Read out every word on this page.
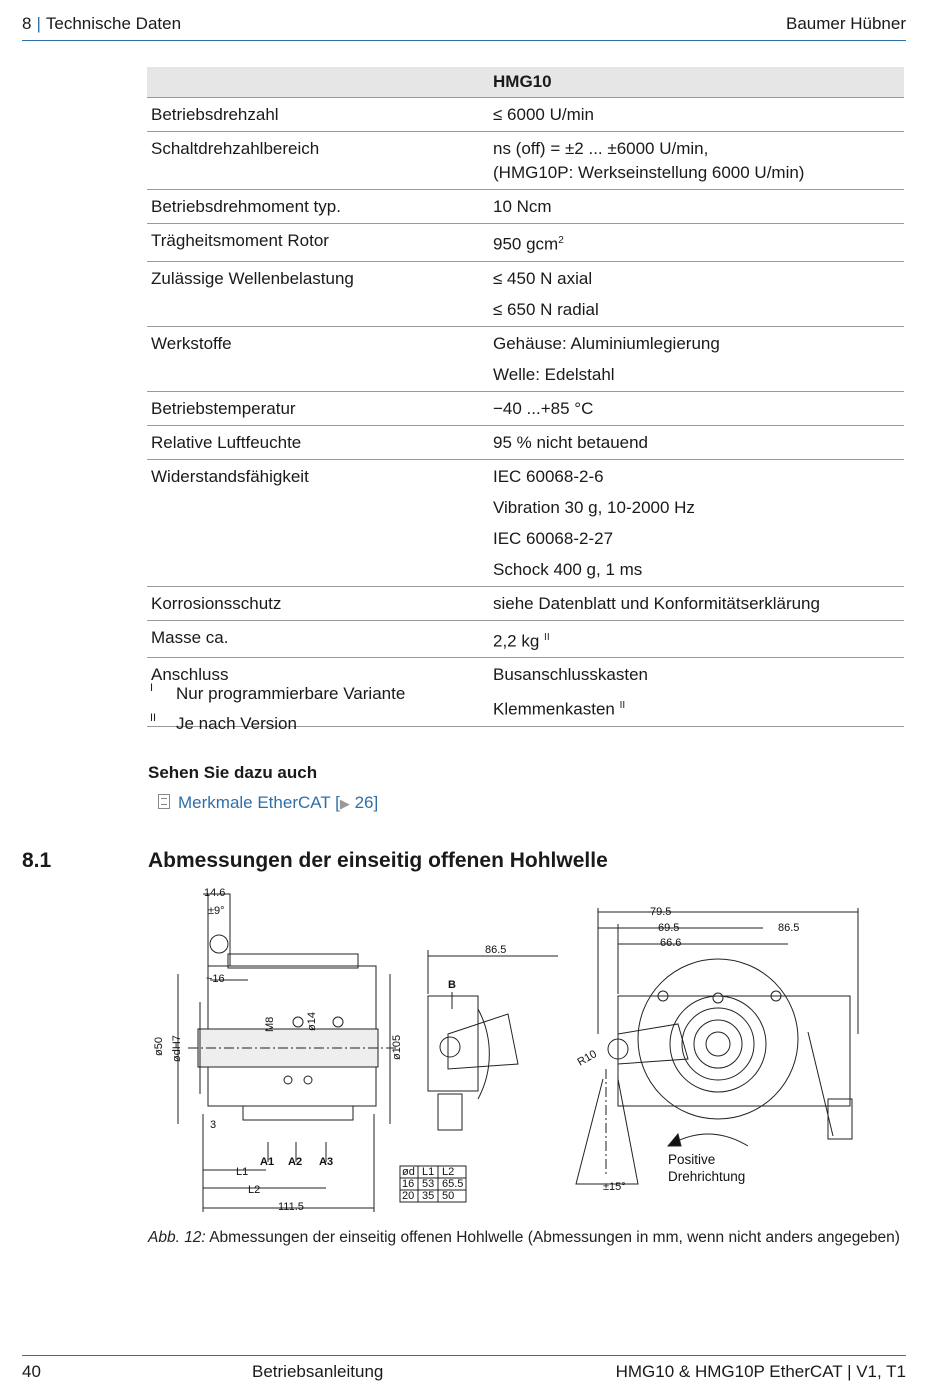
8 | Technische Daten	Baumer Hübner
	HMG10
Betriebsdrehzahl	≤ 6000 U/min
Schaltdrehzahlbereich	ns (off) = ±2 ... ±6000 U/min,
(HMG10P: Werkseinstellung 6000 U/min)

Betriebsdrehmoment typ.	10 Ncm
Trägheitsmoment Rotor	950 gcm$^2$
Zulässige Wellenbelastung	≤ 450 N axial
	≤ 650 N radial
Werkstoffe	Gehäuse: Aluminiumlegierung
	Welle: Edelstahl
Betriebstemperatur	−40 ...+85 °C
Relative Luftfeuchte	95 % nicht betauend
Widerstandsfähigkeit	IEC 60068-2-6
	Vibration 30 g, 10-2000 Hz
	IEC 60068-2-27
	Schock 400 g, 1 ms
Korrosionsschutz	siehe Datenblatt und Konformitätserklärung
Masse ca.	2,2 kg $^{II}$
Anschluss	Busanschlusskasten
	Klemmenkasten $^{II}$
I Nur programmierbare Variante
II Je nach Version
Sehen Sie dazu auch
Merkmale EtherCAT [▶ 26]
8.1	Abmessungen der einseitig offenen Hohlwelle
14.6
±9°
~16
ø50 ødH7
M8	ø14
ø105
3
L1
L2
111.5
A1 A2 A3
86.5
B
ød L1 L2
16 53 65.5
20 35 50
79.5
69.5
66.6
86.5
R10
±15°
Positive
Drehrichtung
Abb. 12: Abmessungen der einseitig offenen Hohlwelle (Abmessungen in mm, wenn nicht anders angegeben)
40	Betriebsanleitung	HMG10 & HMG10P EtherCAT | V1, T1
